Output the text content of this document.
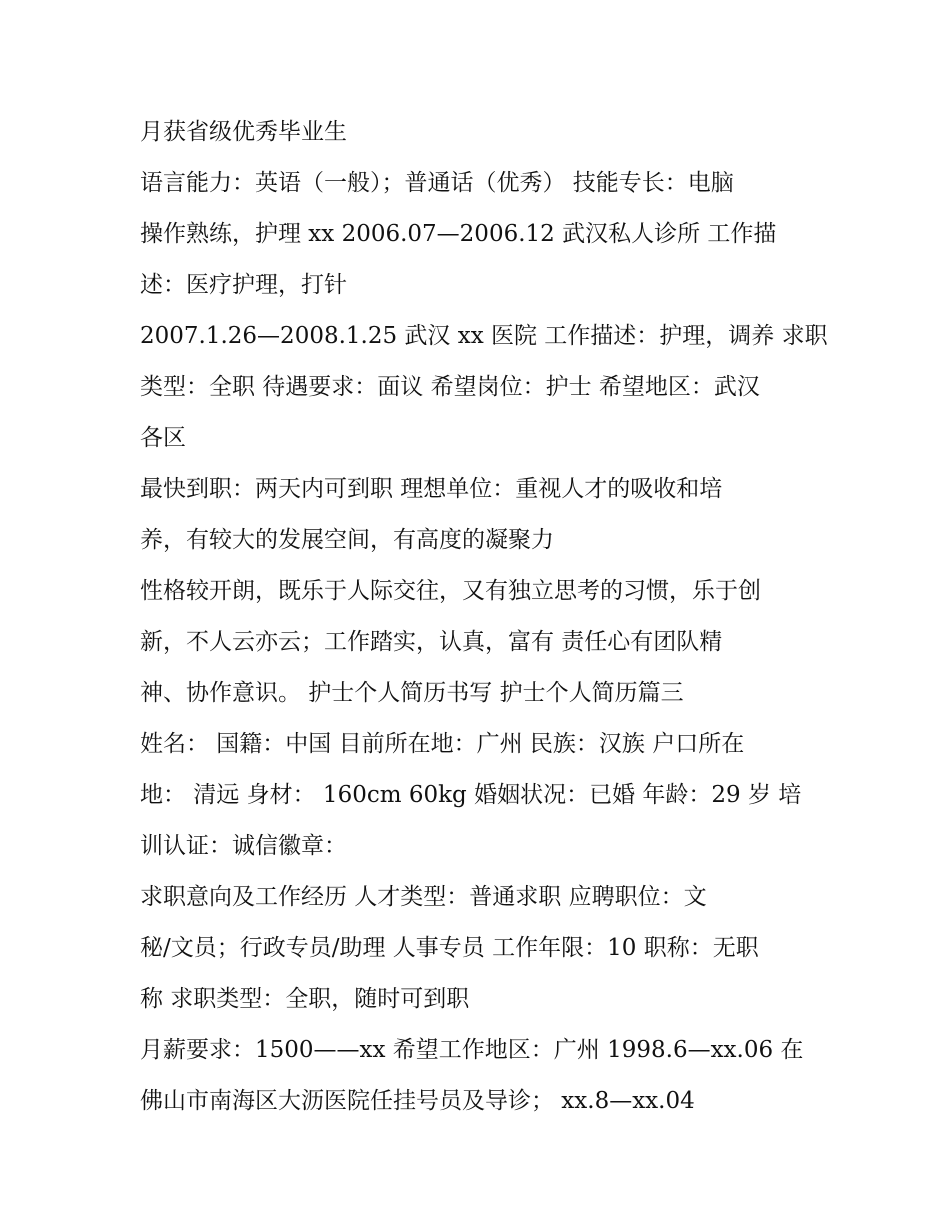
月获省级优秀毕业生
语言能力：英语（一般）；普通话（优秀） 技能专长：电脑
操作熟练，护理 xx 2006.07—2006.12 武汉私人诊所 工作描
述：医疗护理，打针
2007.1.26—2008.1.25 武汉 xx 医院 工作描述：护理，调养 求职
类型：全职 待遇要求：面议 希望岗位：护士 希望地区：武汉
各区
最快到职：两天内可到职 理想单位：重视人才的吸收和培
养，有较大的发展空间，有高度的凝聚力
性格较开朗，既乐于人际交往，又有独立思考的习惯，乐于创
新，不人云亦云；工作踏实，认真，富有 责任心有团队精
神、协作意识。 护士个人简历书写 护士个人简历篇三
姓名： 国籍：中国 目前所在地：广州 民族：汉族 户口所在
地： 清远 身材： 160cm 60kg 婚姻状况：已婚 年龄：29 岁 培
训认证：诚信徽章：
求职意向及工作经历 人才类型：普通求职 应聘职位：文
秘/文员；行政专员/助理 人事专员 工作年限：10 职称：无职
称 求职类型：全职，随时可到职
月薪要求：1500——xx 希望工作地区：广州 1998.6—xx.06 在
佛山市南海区大沥医院任挂号员及导诊； xx.8—xx.04
